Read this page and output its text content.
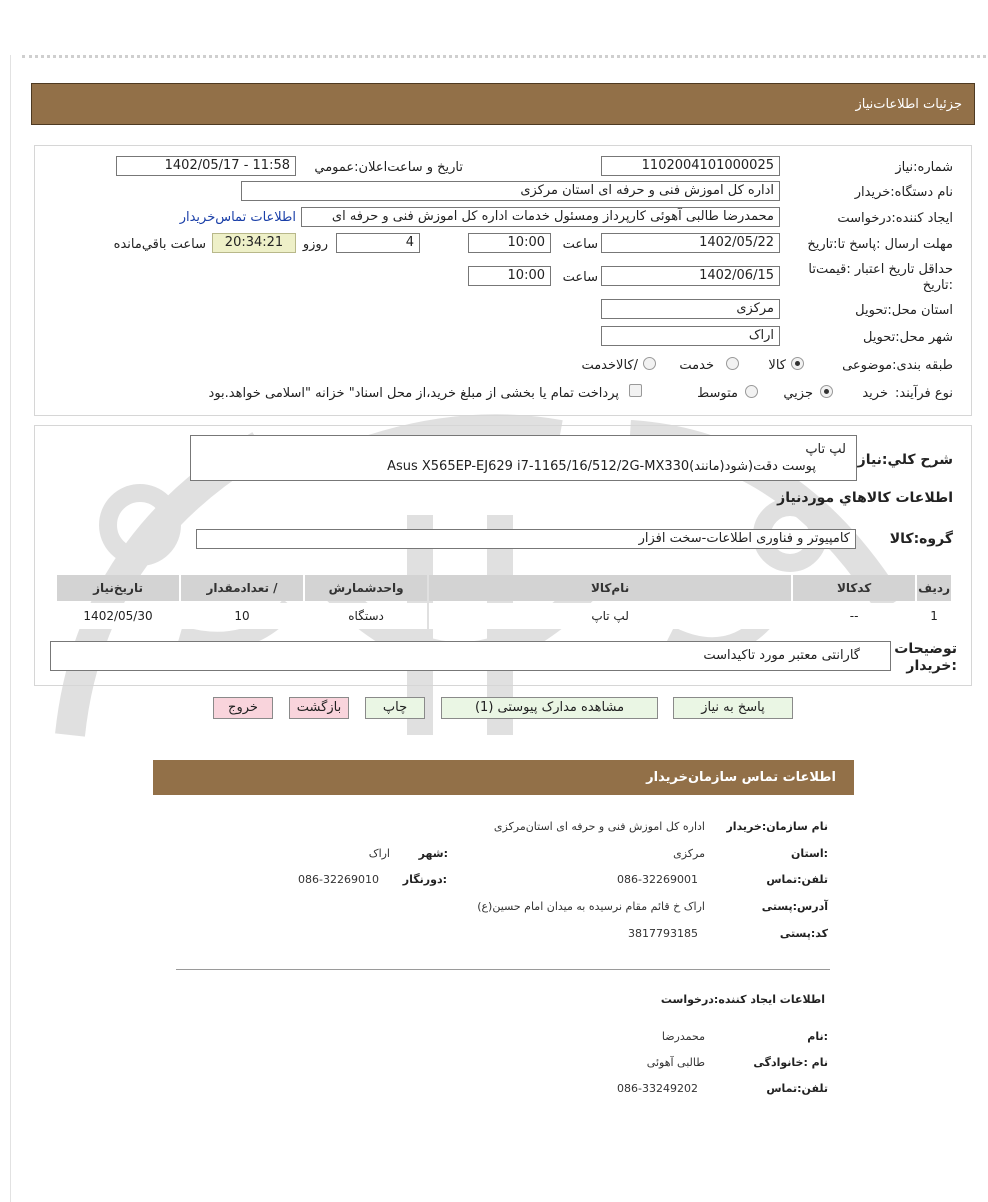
جزئيات اطلاعات‌نياز
شماره:نياز
1102004101000025
تاريخ و ساعت‌اعلان:عمومي
1402/05/17 - 11:58
نام دستگاه:خريدار
اداره کل اموزش فنی و حرفه ای استان مرکزی
ايجاد كننده:درخواست
محمدرضا طالبی آهوئی کارپرداز ومسئول خدمات اداره کل اموزش فنی و حرفه ای
اطلاعات تماس‌خريدار
مهلت ارسال :پاسخ تا:تاريخ
1402/05/22
ساعت
10:00
4
روزو
20:34:21
ساعت باقي‌مانده
حداقل تاريخ اعتبار :قيمت‌تا
:تاريخ
1402/06/15
ساعت
10:00
استان محل:تحويل
مرکزی
شهر محل:تحويل
اراک
طبقه بندی:موضوعی
كالا
خدمت
/كالاخدمت
نوع فرآيند:
خريد
جزيي
متوسط
پرداخت تمام يا بخشی از مبلغ خريد،از محل اسناد" خزانه "اسلامی خواهد.بود
شرح كلي:نياز
لپ تاپ
Asus X565EP-EJ629 i7-1165/16/512/2G-MX330(مانند)پوست دقت(شود
اطلاعات كالاهاي موردنياز
گروه:كالا
کامپيوتر و فناوری اطلاعات-سخت افزار
رديف	كدكالا	نام‌كالا	واحدشمارش	/ تعدادمقدار	تاريخ‌نياز
1	--	لپ تاپ	دستگاه	10	1402/05/30
توضيحات
:خريدار
گارانتی معتبر مورد تاکيداست
پاسخ به نياز
مشاهده مدارک پيوستی (1)
چاپ
بازگشت
خروج
اطلاعات تماس سازمان‌خريدار
نام سازمان:خريدار
اداره کل اموزش فنی و حرفه ای استان‌مرکزی
:استان
مرکزی
:شهر
اراک
تلفن:تماس
086-32269001
:دورنگار
086-32269010
آدرس:پستی
اراک خ قائم مقام نرسيده به ميدان امام حسين(ع)
كد:پستی
3817793185
اطلاعات ايجاد كننده:درخواست
:نام
محمدرضا
نام :خانوادگی
طالبی آهوئی
تلفن:تماس
086-33249202
